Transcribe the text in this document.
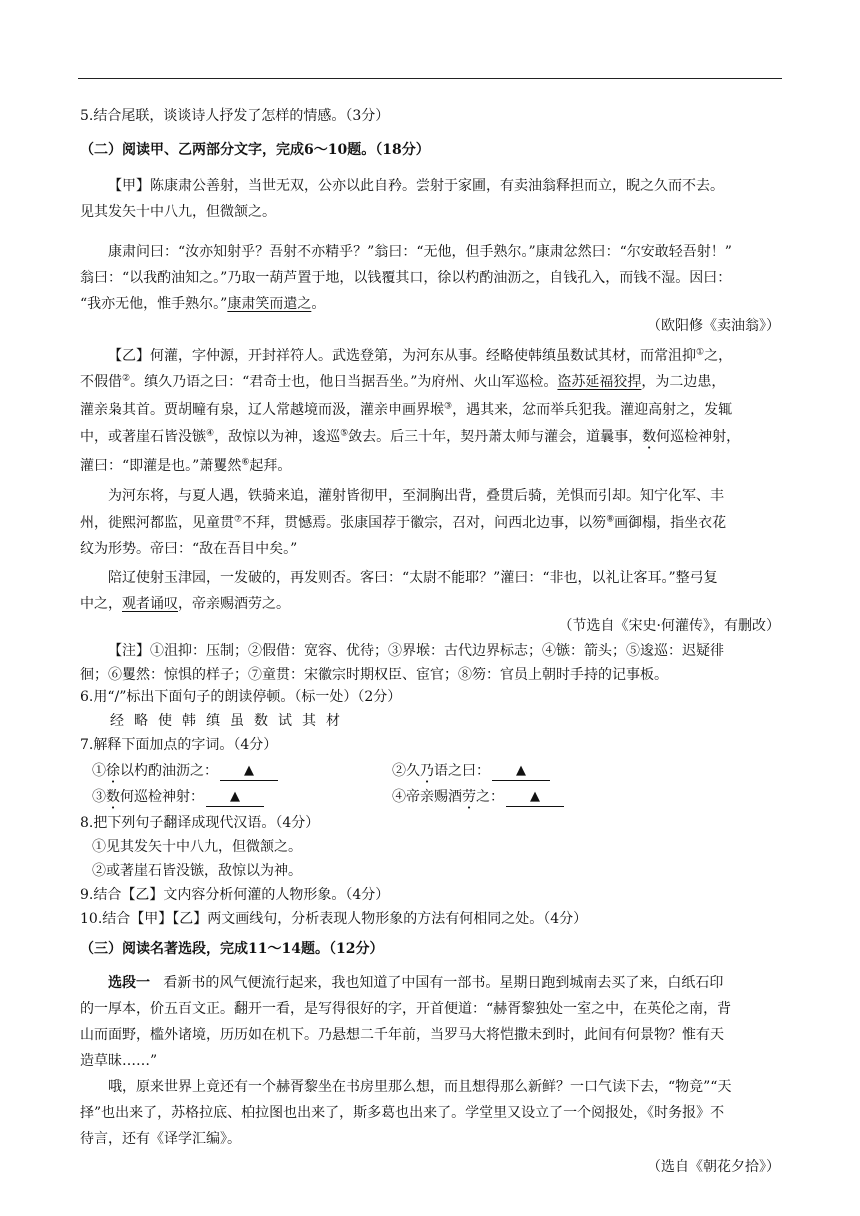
5.结合尾联，谈谈诗人抒发了怎样的情感。（3分）
（二）阅读甲、乙两部分文字，完成6～10题。（18分）
【甲】陈康肃公善射，当世无双，公亦以此自矜。尝射于家圃，有卖油翁释担而立，睨之久而不去。
见其发矢十中八九，但微颔之。
康肃问曰：“汝亦知射乎？吾射不亦精乎？”翁曰：“无他，但手熟尔。”康肃忿然曰：“尔安敢轻吾射！”
翁曰：“以我酌油知之。”乃取一葫芦置于地，以钱覆其口，徐以杓酌油沥之，自钱孔入，而钱不湿。因曰：
“我亦无他，惟手熟尔。”康肃笑而遣之。
（欧阳修《卖油翁》）
【乙】何灌，字仲源，开封祥符人。武选登第，为河东从事。经略使韩缜虽数试其材，而常沮抑①之，
不假借②。缜久乃语之曰：“君奇士也，他日当据吾坐。”为府州、火山军巡检。盗苏延福狡捍，为二边患，
灌亲枭其首。贾胡疃有泉，辽人常越境而汲，灌亲申画界堠③，遇其来，忿而举兵犯我。灌迎高射之，发辄
中，或著崖石皆没镞④，敌惊以为神，逡巡⑤敛去。后三十年，契丹萧太师与灌会，道曩事，数何巡检神射，
灌曰：“即灌是也。”萧矍然⑥起拜。
为河东将，与夏人遇，铁骑来追，灌射皆彻甲，至洞胸出背，叠贯后骑，羌惧而引却。知宁化军、丰
州，徙熙河都监，见童贯⑦不拜，贯憾焉。张康国荐于徽宗，召对，问西北边事，以笏⑧画御榻，指坐衣花
纹为形势。帝曰：“敌在吾目中矣。”
陪辽使射玉津园，一发破的，再发则否。客曰：“太尉不能耶？”灌曰：“非也，以礼让客耳。”整弓复
中之，观者诵叹，帝亲赐酒劳之。
（节选自《宋史·何灌传》，有删改）
【注】①沮抑：压制；②假借：宽容、优待；③界堠：古代边界标志；④镞：箭头；⑤逡巡：迟疑徘
徊；⑥矍然：惊惧的样子；⑦童贯：宋徽宗时期权臣、宦官；⑧笏：官员上朝时手持的记事板。
6.用“/”标出下面句子的朗读停顿。（标一处）（2分）
经略使韩缜虽数试其材
7.解释下面加点的字词。（4分）
①徐以杓酌油沥之： ▲	②久乃语之曰：▲
③数何巡检神射： ▲	④帝亲赐酒劳之：▲
8.把下列句子翻译成现代汉语。（4分）
①见其发矢十中八九，但微颔之。
②或著崖石皆没镞，敌惊以为神。
9.结合【乙】文内容分析何灌的人物形象。（4分）
10.结合【甲】【乙】两文画线句，分析表现人物形象的方法有何相同之处。（4分）
（三）阅读名著选段，完成11～14题。（12分）
选段一 看新书的风气便流行起来，我也知道了中国有一部书。星期日跑到城南去买了来，白纸石印
的一厚本，价五百文正。翻开一看，是写得很好的字，开首便道：“赫胥黎独处一室之中，在英伦之南，背
山而面野，槛外诸境，历历如在机下。乃悬想二千年前，当罗马大将恺撒未到时，此间有何景物？惟有天
造草昧……”
哦，原来世界上竟还有一个赫胥黎坐在书房里那么想，而且想得那么新鲜？一口气读下去，“物竞”“天
择”也出来了，苏格拉底、柏拉图也出来了，斯多葛也出来了。学堂里又设立了一个阅报处，《时务报》不
待言，还有《译学汇编》。
（选自《朝花夕拾》）
